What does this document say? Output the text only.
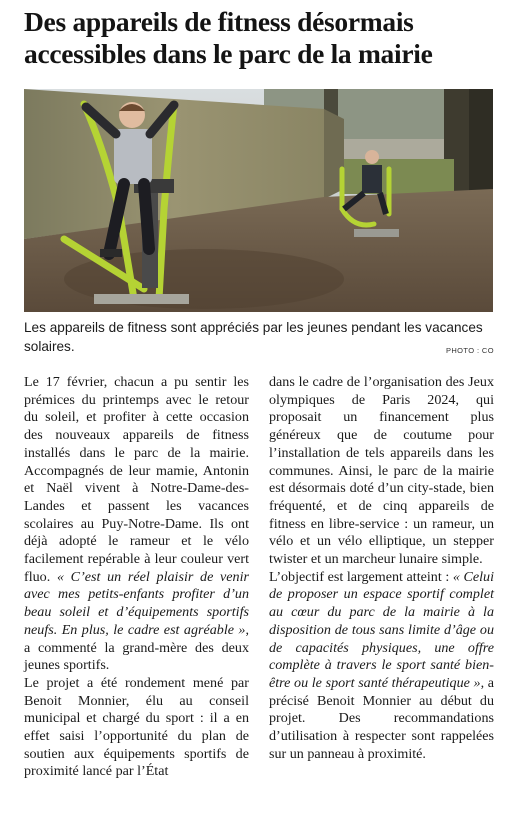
Des appareils de fitness désormais accessibles dans le parc de la mairie
Les appareils de fitness sont appréciés par les jeunes pendant les vacances solaires.	PHOTO : CO

Le 17 février, chacun a pu sentir les prémices du printemps avec le retour du soleil, et profiter à cette occasion des nouveaux appareils de fitness installés dans le parc de la mairie. Accompagnés de leur mamie, Antonin et Naël vivent à Notre-Dame-des-Landes et passent les vacances scolaires au Puy-Notre-Dame. Ils ont déjà adopté le rameur et le vélo facilement repérable à leur couleur vert fluo. « C’est un réel plaisir de venir avec mes petits-enfants profiter d’un beau soleil et d’équipements sportifs neufs. En plus, le cadre est agréable », a commenté la grand-mère des deux jeunes sportifs.

Le projet a été rondement mené par Benoit Monnier, élu au conseil municipal et chargé du sport : il a en effet saisi l’opportunité du plan de soutien aux équipements sportifs de proximité lancé par l’État

dans le cadre de l’organisation des Jeux olympiques de Paris 2024, qui proposait un financement plus généreux que de coutume pour l’installation de tels appareils dans les communes. Ainsi, le parc de la mairie est désormais doté d’un city-stade, bien fréquenté, et de cinq appareils de fitness en libre-service : un rameur, un vélo et un vélo elliptique, un stepper twister et un marcheur lunaire simple.

L’objectif est largement atteint : « Celui de proposer un espace sportif complet au cœur du parc de la mairie à la disposition de tous sans limite d’âge ou de capacités physiques, une offre complète à travers le sport santé bien-être ou le sport santé thérapeutique », a précisé Benoit Monnier au début du projet. Des recommandations d’utilisation à respecter sont rappelées sur un panneau à proximité.
